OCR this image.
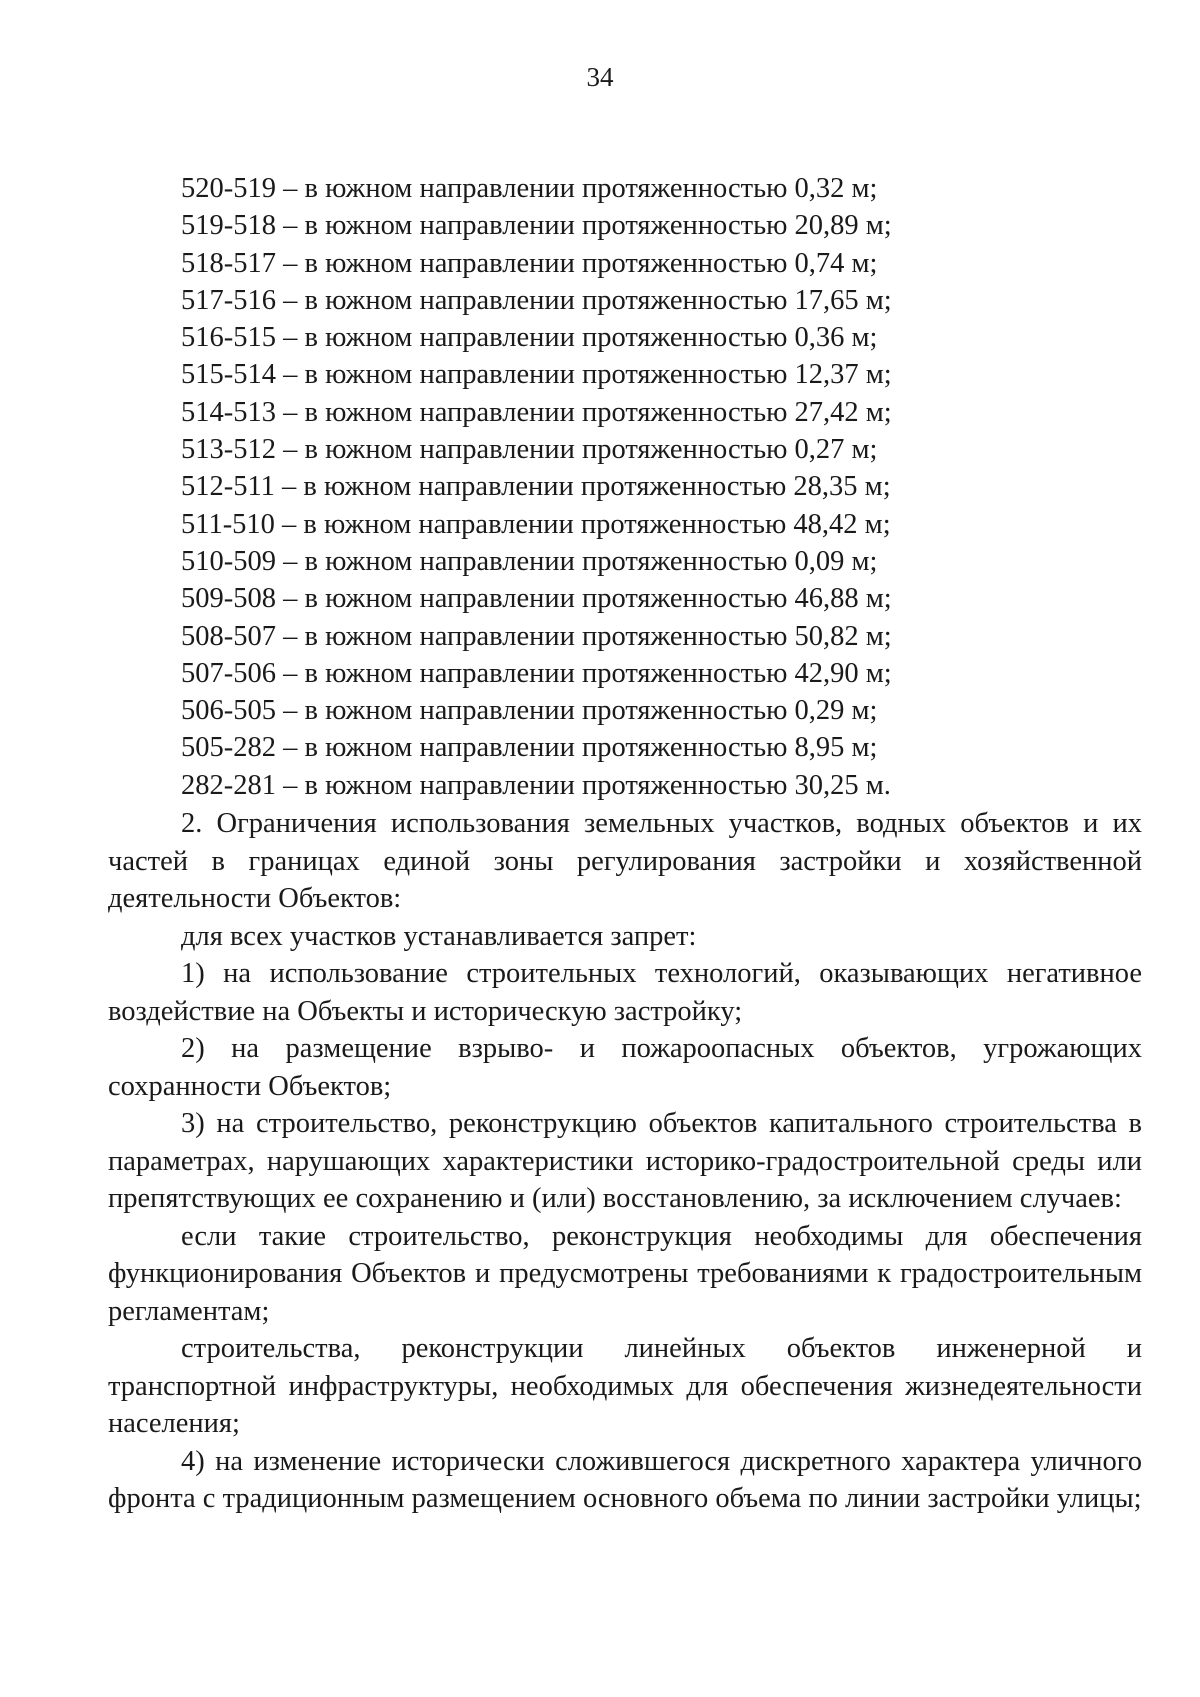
34
520-519 – в южном направлении протяженностью 0,32 м;
519-518 – в южном направлении протяженностью 20,89 м;
518-517 – в южном направлении протяженностью 0,74 м;
517-516 – в южном направлении протяженностью 17,65 м;
516-515 – в южном направлении протяженностью 0,36 м;
515-514 – в южном направлении протяженностью 12,37 м;
514-513 – в южном направлении протяженностью 27,42 м;
513-512 – в южном направлении протяженностью 0,27 м;
512-511 – в южном направлении протяженностью 28,35 м;
511-510 – в южном направлении протяженностью 48,42 м;
510-509 – в южном направлении протяженностью 0,09 м;
509-508 – в южном направлении протяженностью 46,88 м;
508-507 – в южном направлении протяженностью 50,82 м;
507-506 – в южном направлении протяженностью 42,90 м;
506-505 – в южном направлении протяженностью 0,29 м;
505-282 – в южном направлении протяженностью 8,95 м;
282-281 – в южном направлении протяженностью 30,25 м.

2. Ограничения использования земельных участков, водных объектов и их частей в границах единой зоны регулирования застройки и хозяйственной деятельности Объектов:

для всех участков устанавливается запрет:

1) на использование строительных технологий, оказывающих негативное воздействие на Объекты и историческую застройку;

2) на размещение взрыво- и пожароопасных объектов, угрожающих сохранности Объектов;

3) на строительство, реконструкцию объектов капитального строительства в параметрах, нарушающих характеристики историко-градостроительной среды или препятствующих ее сохранению и (или) восстановлению, за исключением случаев:

если такие строительство, реконструкция необходимы для обеспечения функционирования Объектов и предусмотрены требованиями к градостроительным регламентам;

строительства, реконструкции линейных объектов инженерной и транспортной инфраструктуры, необходимых для обеспечения жизнедеятельности населения;

4) на изменение исторически сложившегося дискретного характера уличного фронта с традиционным размещением основного объема по линии застройки улицы;
